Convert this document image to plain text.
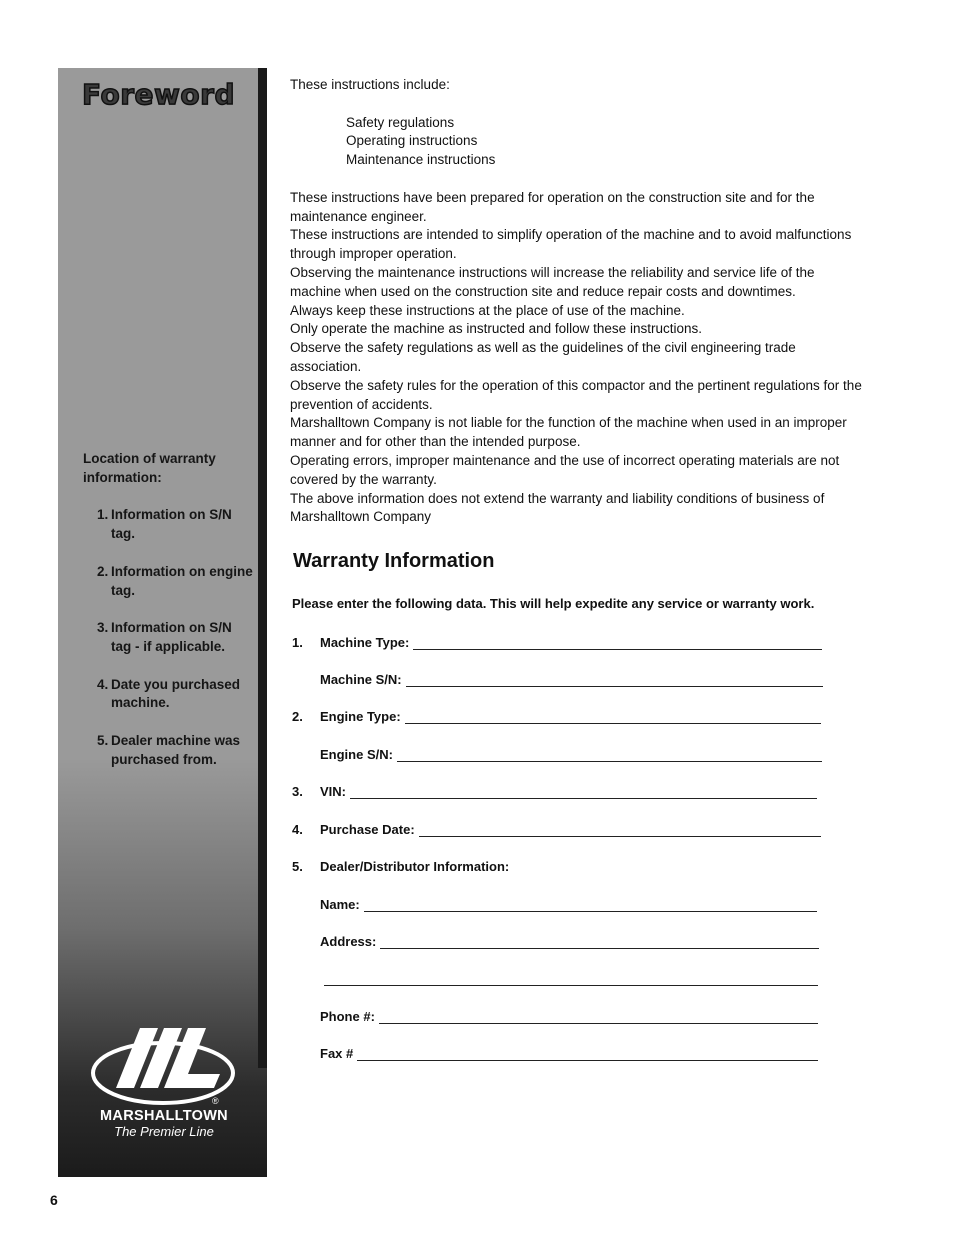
Foreword

Location of warranty information:

1. Information on S/N tag.
2. Information on engine tag.
3. Information on S/N tag - if applicable.
4. Date you purchased machine.
5. Dealer machine was purchased from.
®
MARSHALLTOWN
The Premier Line

These instructions include:

Safety regulations
Operating instructions
Maintenance instructions

These instructions have been prepared for operation on the construction site and for the maintenance engineer.

These instructions are intended to simplify operation of the machine and to avoid malfunctions through improper operation.

Observing the maintenance instructions will increase the reliability and service life of the machine when used on the construction site and reduce repair costs and downtimes.

Always keep these instructions at the place of use of the machine.

Only operate the machine as instructed and follow these instructions.

Observe the safety regulations as well as the guidelines of the civil engineering trade association.

Observe the safety rules for the operation of this compactor and the pertinent regulations for the prevention of accidents.

Marshalltown Company is not liable for the function of the machine when used in an improper manner and for other than the intended purpose.

Operating errors, improper maintenance and the use of incorrect operating materials are not covered by the warranty.

The above information does not extend the warranty and liability conditions of business of Marshalltown Company

Warranty Information

Please enter the following data. This will help expedite any service or warranty work.

1.	Machine Type:
Machine S/N:
2.	Engine Type:
Engine S/N:
3.	VIN:
4.	Purchase Date:
5.	Dealer/Distributor Information:
Name:
Address:
Phone #:
Fax #

6
